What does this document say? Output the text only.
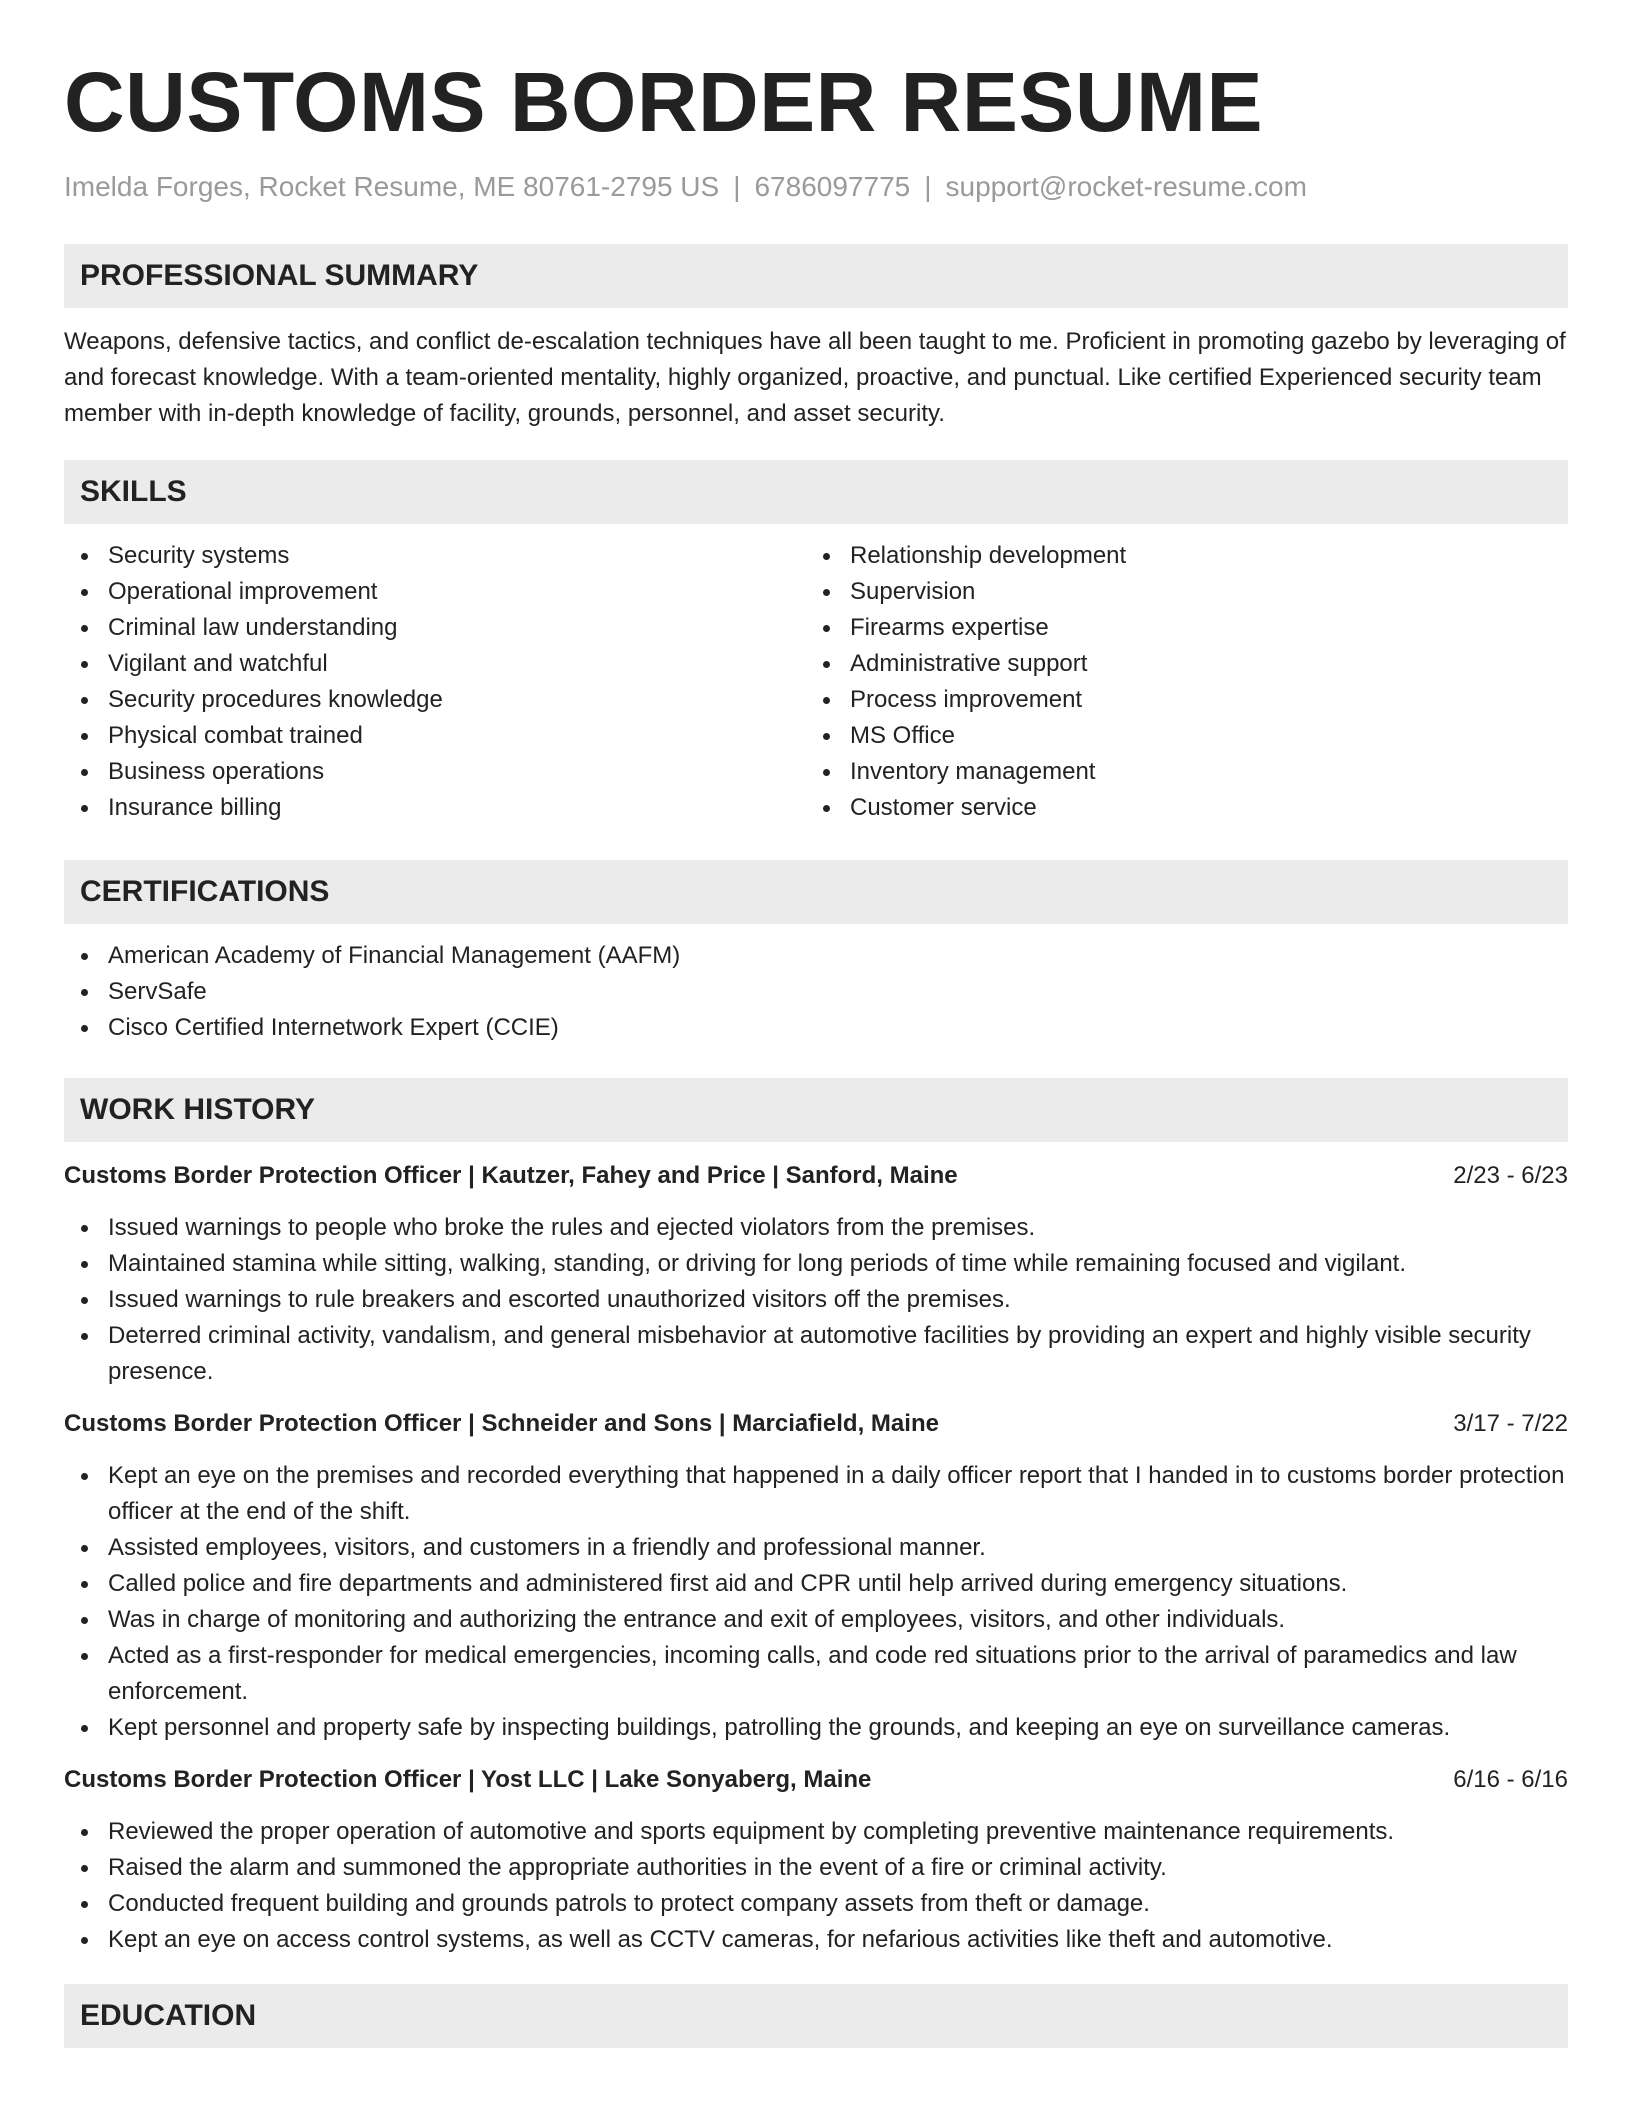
CUSTOMS BORDER RESUME
Imelda Forges, Rocket Resume, ME 80761-2795 US | 6786097775 | support@rocket-resume.com
PROFESSIONAL SUMMARY

Weapons, defensive tactics, and conflict de-escalation techniques have all been taught to me. Proficient in promoting gazebo by leveraging of and forecast knowledge. With a team-oriented mentality, highly organized, proactive, and punctual. Like certified Experienced security team member with in-depth knowledge of facility, grounds, personnel, and asset security.

SKILLS
Security systems
Operational improvement
Criminal law understanding
Vigilant and watchful
Security procedures knowledge
Physical combat trained
Business operations
Insurance billing
Relationship development
Supervision
Firearms expertise
Administrative support
Process improvement
MS Office
Inventory management
Customer service
CERTIFICATIONS
American Academy of Financial Management (AAFM)
ServSafe
Cisco Certified Internetwork Expert (CCIE)
WORK HISTORY
Customs Border Protection Officer | Kautzer, Fahey and Price | Sanford, Maine	2/23 - 6/23
Issued warnings to people who broke the rules and ejected violators from the premises.
Maintained stamina while sitting, walking, standing, or driving for long periods of time while remaining focused and vigilant.
Issued warnings to rule breakers and escorted unauthorized visitors off the premises.
Deterred criminal activity, vandalism, and general misbehavior at automotive facilities by providing an expert and highly visible security presence.
Customs Border Protection Officer | Schneider and Sons | Marciafield, Maine	3/17 - 7/22
Kept an eye on the premises and recorded everything that happened in a daily officer report that I handed in to customs border protection officer at the end of the shift.
Assisted employees, visitors, and customers in a friendly and professional manner.
Called police and fire departments and administered first aid and CPR until help arrived during emergency situations.
Was in charge of monitoring and authorizing the entrance and exit of employees, visitors, and other individuals.
Acted as a first-responder for medical emergencies, incoming calls, and code red situations prior to the arrival of paramedics and law enforcement.
Kept personnel and property safe by inspecting buildings, patrolling the grounds, and keeping an eye on surveillance cameras.
Customs Border Protection Officer | Yost LLC | Lake Sonyaberg, Maine	6/16 - 6/16
Reviewed the proper operation of automotive and sports equipment by completing preventive maintenance requirements.
Raised the alarm and summoned the appropriate authorities in the event of a fire or criminal activity.
Conducted frequent building and grounds patrols to protect company assets from theft or damage.
Kept an eye on access control systems, as well as CCTV cameras, for nefarious activities like theft and automotive.
EDUCATION
